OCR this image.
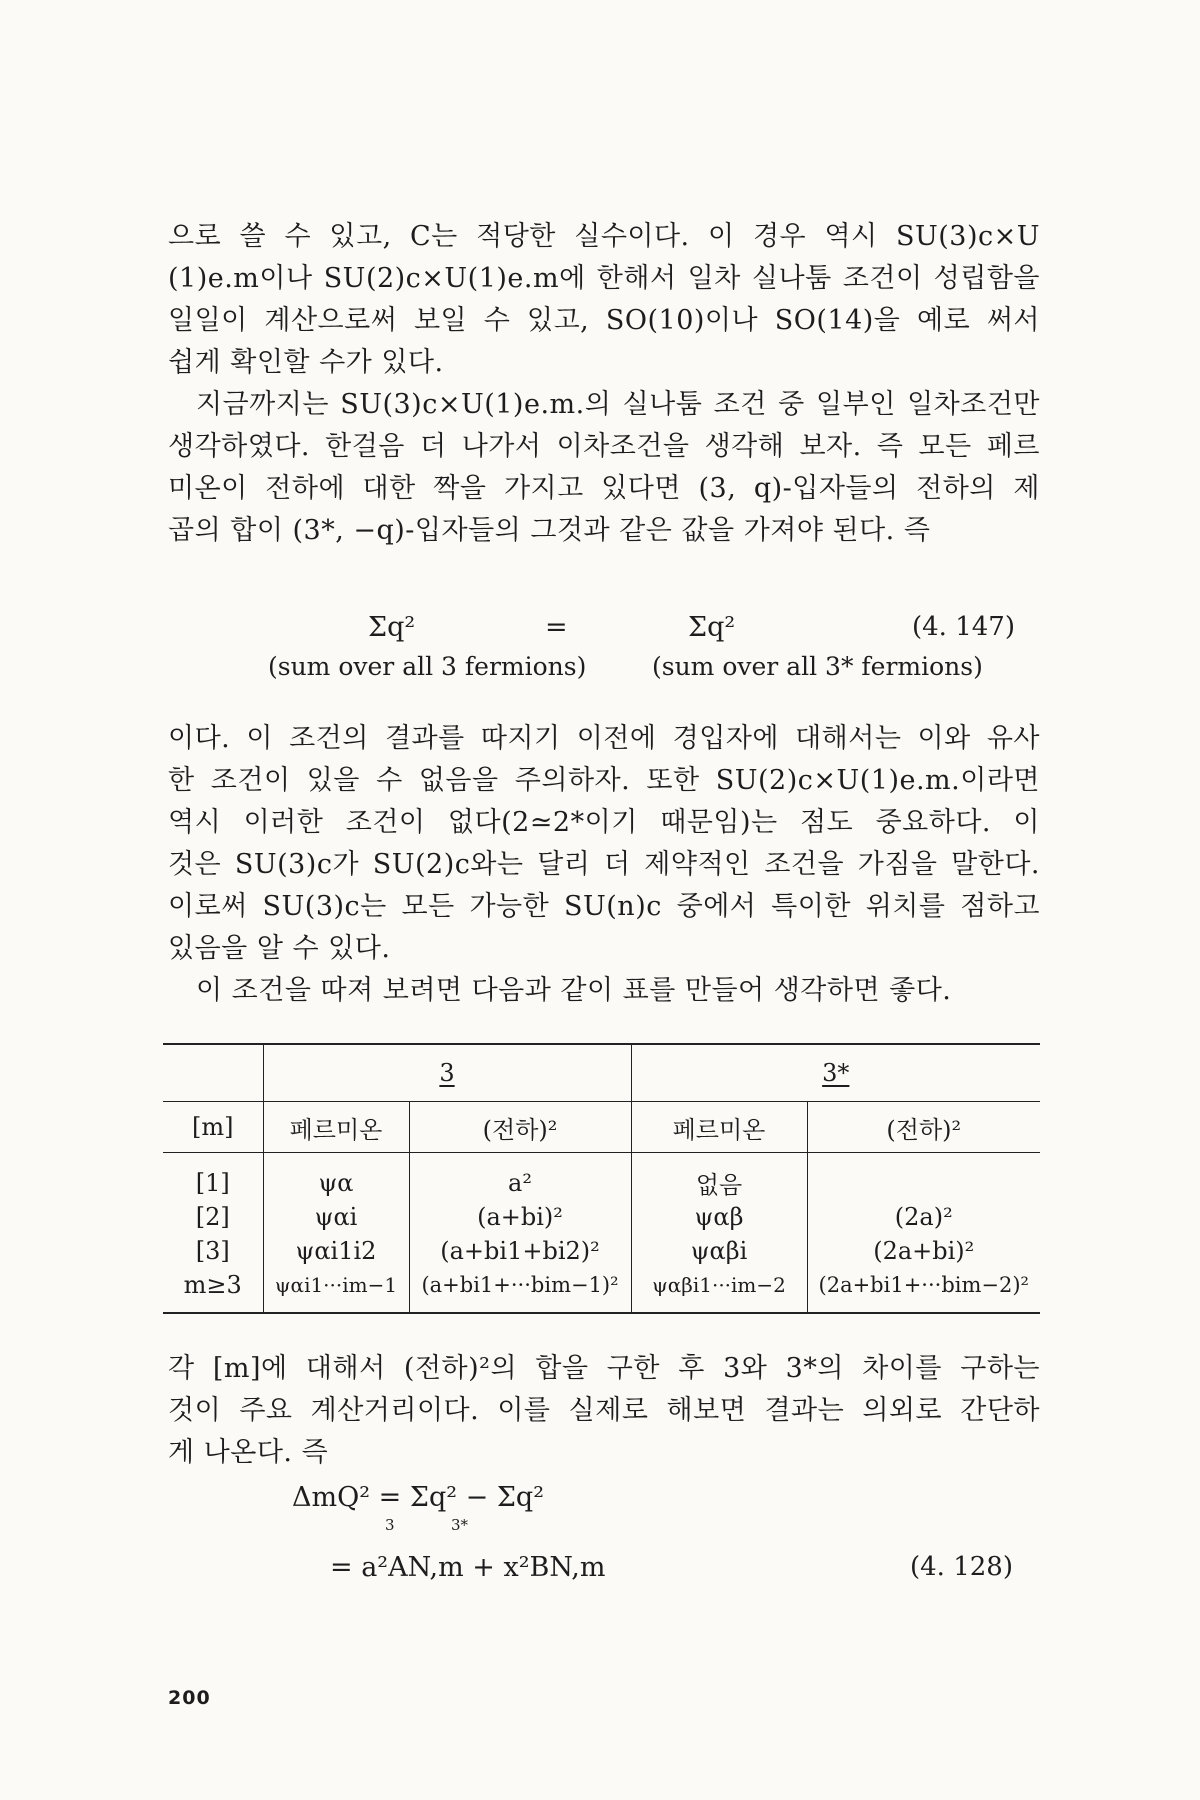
으로 쓸 수 있고, C는 적당한 실수이다. 이 경우 역시 SU(3)c×U
(1)e.m이나 SU(2)c×U(1)e.m에 한해서 일차 실나툼 조건이 성립함을
일일이 계산으로써 보일 수 있고, SO(10)이나 SO(14)을 예로 써서
쉽게 확인할 수가 있다.
지금까지는 SU(3)c×U(1)e.m.의 실나툼 조건 중 일부인 일차조건만
생각하였다. 한걸음 더 나가서 이차조건을 생각해 보자. 즉 모든 페르
미온이 전하에 대한 짝을 가지고 있다면 (3, q)-입자들의 전하의 제
곱의 합이 (3*, −q)-입자들의 그것과 같은 값을 가져야 된다. 즉
Σq²	=	Σq²	(4. 147)
(sum over all 3 fermions)	(sum over all 3* fermions)
이다. 이 조건의 결과를 따지기 이전에 경입자에 대해서는 이와 유사
한 조건이 있을 수 없음을 주의하자. 또한 SU(2)c×U(1)e.m.이라면
역시 이러한 조건이 없다(2≃2*이기 때문임)는 점도 중요하다. 이
것은 SU(3)c가 SU(2)c와는 달리 더 제약적인 조건을 가짐을 말한다.
이로써 SU(3)c는 모든 가능한 SU(n)c 중에서 특이한 위치를 점하고
있음을 알 수 있다.
이 조건을 따져 보려면 다음과 같이 표를 만들어 생각하면 좋다.
	3		3*	
[m]	페르미온	(전하)²	페르미온	(전하)²
[1]	ψα	a²	없음	
[2]	ψαi	(a+bi)²	ψαβ	(2a)²
[3]	ψαi1i2	(a+bi1+bi2)²	ψαβi	(2a+bi)²
m≥3	ψαi1···im−1	(a+bi1+···bim−1)²	ψαβi1···im−2	(2a+bi1+···bim−2)²
각 [m]에 대해서 (전하)²의 합을 구한 후 3와 3*의 차이를 구하는
것이 주요 계산거리이다. 이를 실제로 해보면 결과는 의외로 간단하
게 나온다. 즉
ΔmQ² = Σq² − Σq²
3	3*
= a²AN,m + x²BN,m	(4. 128)
200
